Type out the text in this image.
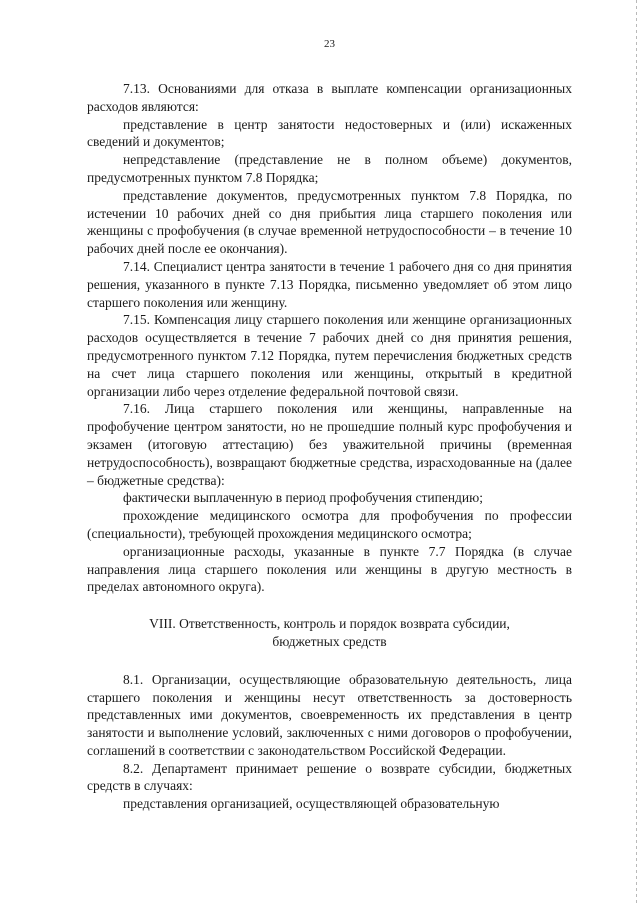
23

7.13. Основаниями для отказа в выплате компенсации организационных расходов являются:

представление в центр занятости недостоверных и (или) искаженных сведений и документов;

непредставление (представление не в полном объеме) документов, предусмотренных пунктом 7.8 Порядка;

представление документов, предусмотренных пунктом 7.8 Порядка, по истечении 10 рабочих дней со дня прибытия лица старшего поколения или женщины с профобучения (в случае временной нетрудоспособности – в течение 10 рабочих дней после ее окончания).

7.14. Специалист центра занятости в течение 1 рабочего дня со дня принятия решения, указанного в пункте 7.13 Порядка, письменно уведомляет об этом лицо старшего поколения или женщину.

7.15. Компенсация лицу старшего поколения или женщине организационных расходов осуществляется в течение 7 рабочих дней со дня принятия решения, предусмотренного пунктом 7.12 Порядка, путем перечисления бюджетных средств на счет лица старшего поколения или женщины, открытый в кредитной организации либо через отделение федеральной почтовой связи.

7.16. Лица старшего поколения или женщины, направленные на профобучение центром занятости, но не прошедшие полный курс профобучения и экзамен (итоговую аттестацию) без уважительной причины (временная нетрудоспособность), возвращают бюджетные средства, израсходованные на (далее – бюджетные средства):

фактически выплаченную в период профобучения стипендию;

прохождение медицинского осмотра для профобучения по профессии (специальности), требующей прохождения медицинского осмотра;

организационные расходы, указанные в пункте 7.7 Порядка (в случае направления лица старшего поколения или женщины в другую местность в пределах автономного округа).

VIII. Ответственность, контроль и порядок возврата субсидии,
бюджетных средств

8.1. Организации, осуществляющие образовательную деятельность, лица старшего поколения и женщины несут ответственность за достоверность представленных ими документов, своевременность их представления в центр занятости и выполнение условий, заключенных с ними договоров о профобучении, соглашений в соответствии с законодательством Российской Федерации.

8.2. Департамент принимает решение о возврате субсидии, бюджетных средств в случаях:

представления организацией, осуществляющей образовательную
